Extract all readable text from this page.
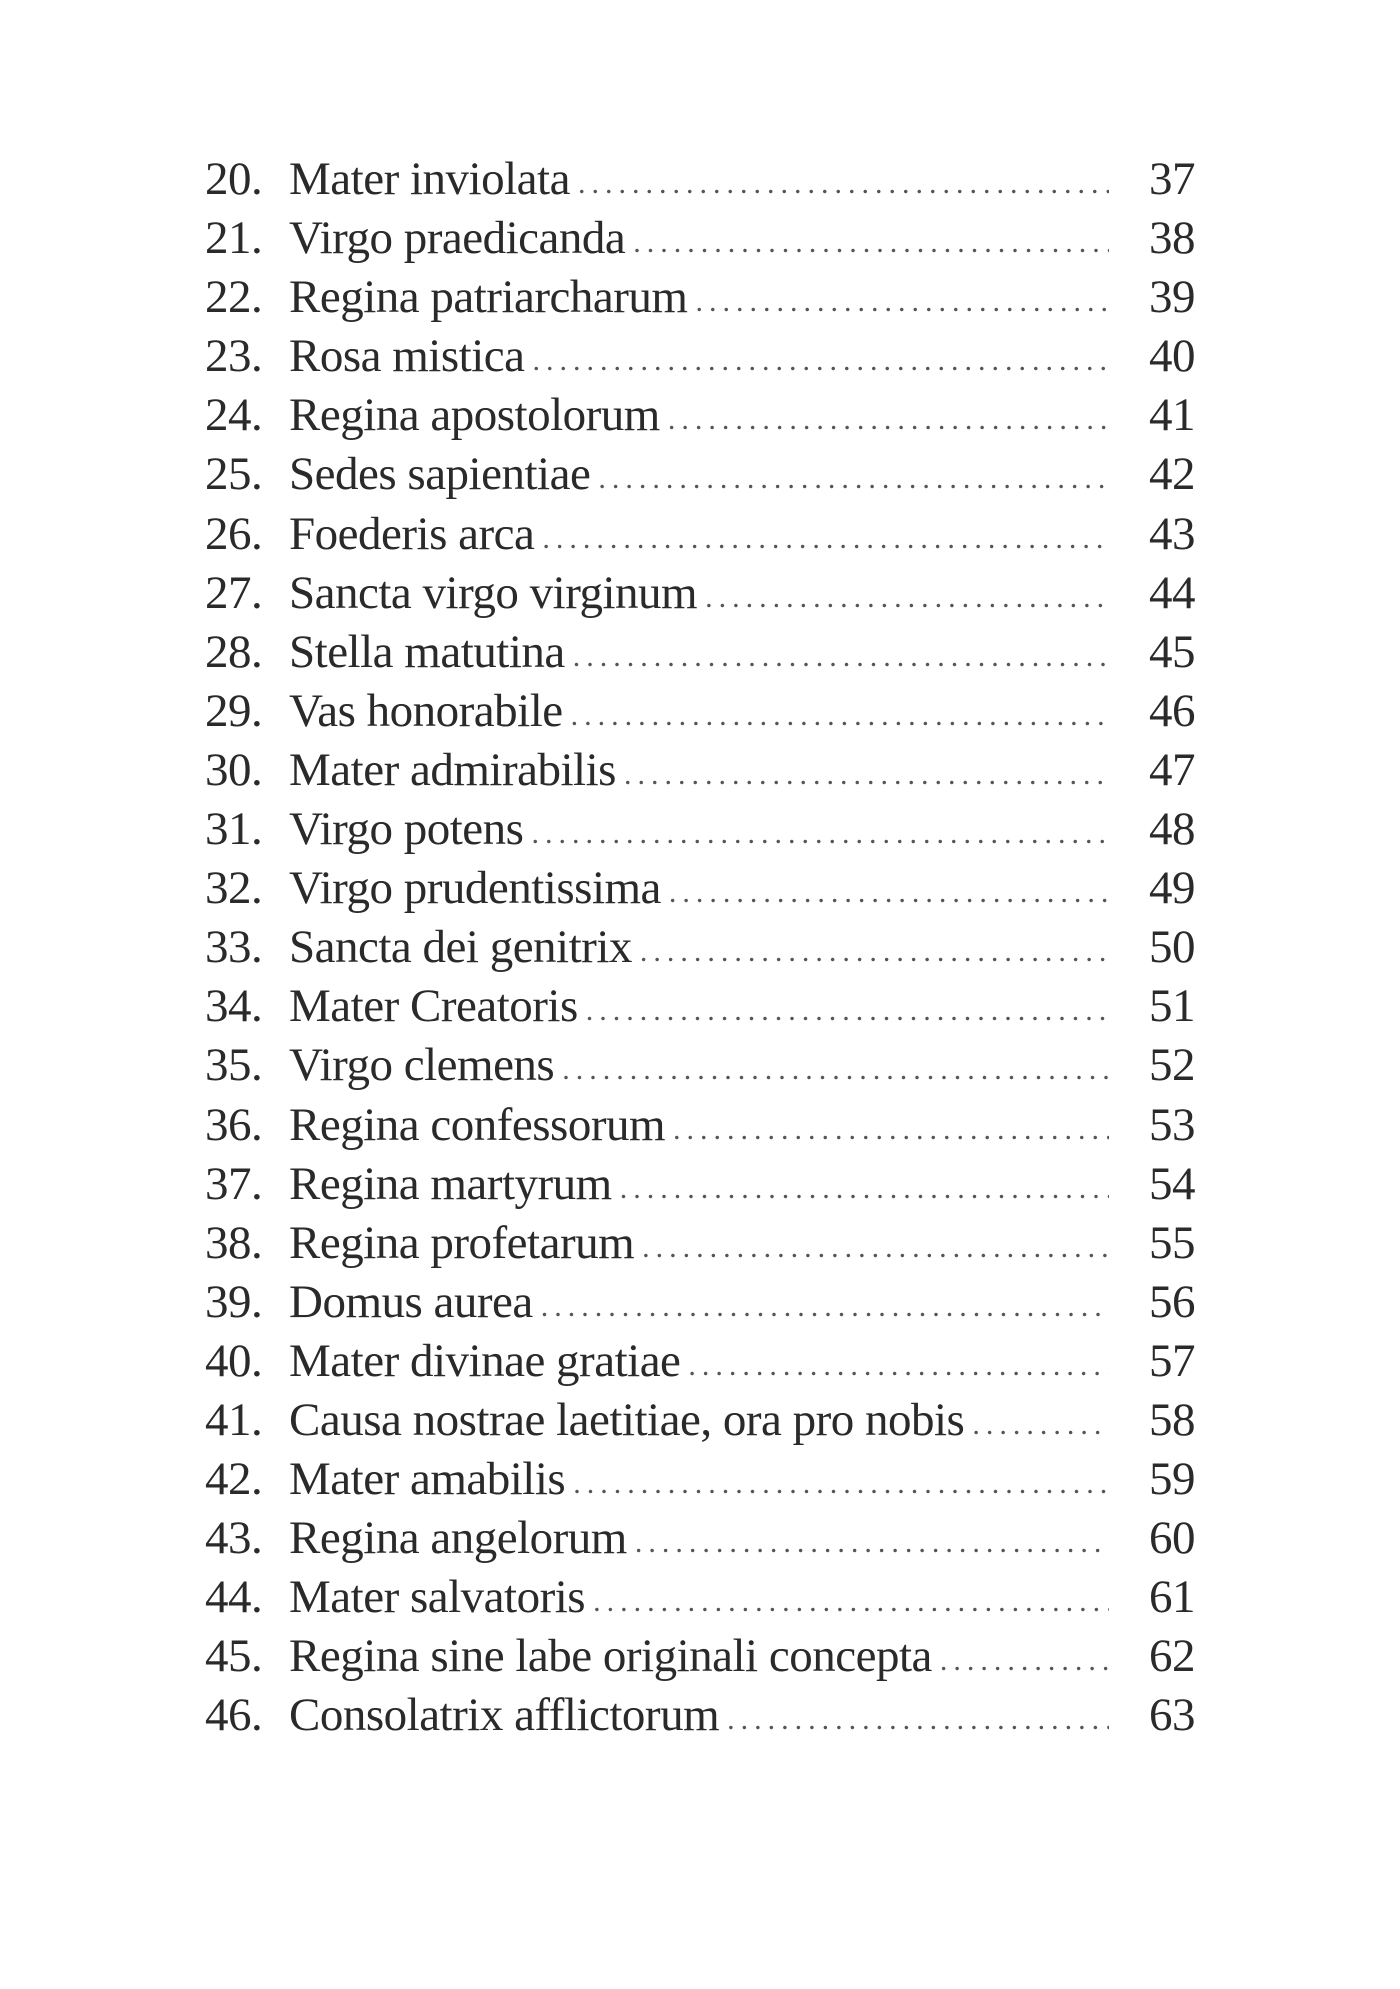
20. Mater inviolata .....	37
21. Virgo praedicanda .....	38
22. Regina patriarcharum .....	39
23. Rosa mistica .....	40
24. Regina apostolorum .....	41
25. Sedes sapientiae .....	42
26. Foederis arca .....	43
27. Sancta virgo virginum .....	44
28. Stella matutina .....	45
29. Vas honorabile .....	46
30. Mater admirabilis .....	47
31. Virgo potens .....	48
32. Virgo prudentissima .....	49
33. Sancta dei genitrix .....	50
34. Mater Creatoris .....	51
35. Virgo clemens .....	52
36. Regina confessorum .....	53
37. Regina martyrum .....	54
38. Regina profetarum .....	55
39. Domus aurea .....	56
40. Mater divinae gratiae .....	57
41. Causa nostrae laetitiae, ora pro nobis .....	58
42. Mater amabilis .....	59
43. Regina angelorum .....	60
44. Mater salvatoris .....	61
45. Regina sine labe originali concepta .....	62
46. Consolatrix afflictorum .....	63
